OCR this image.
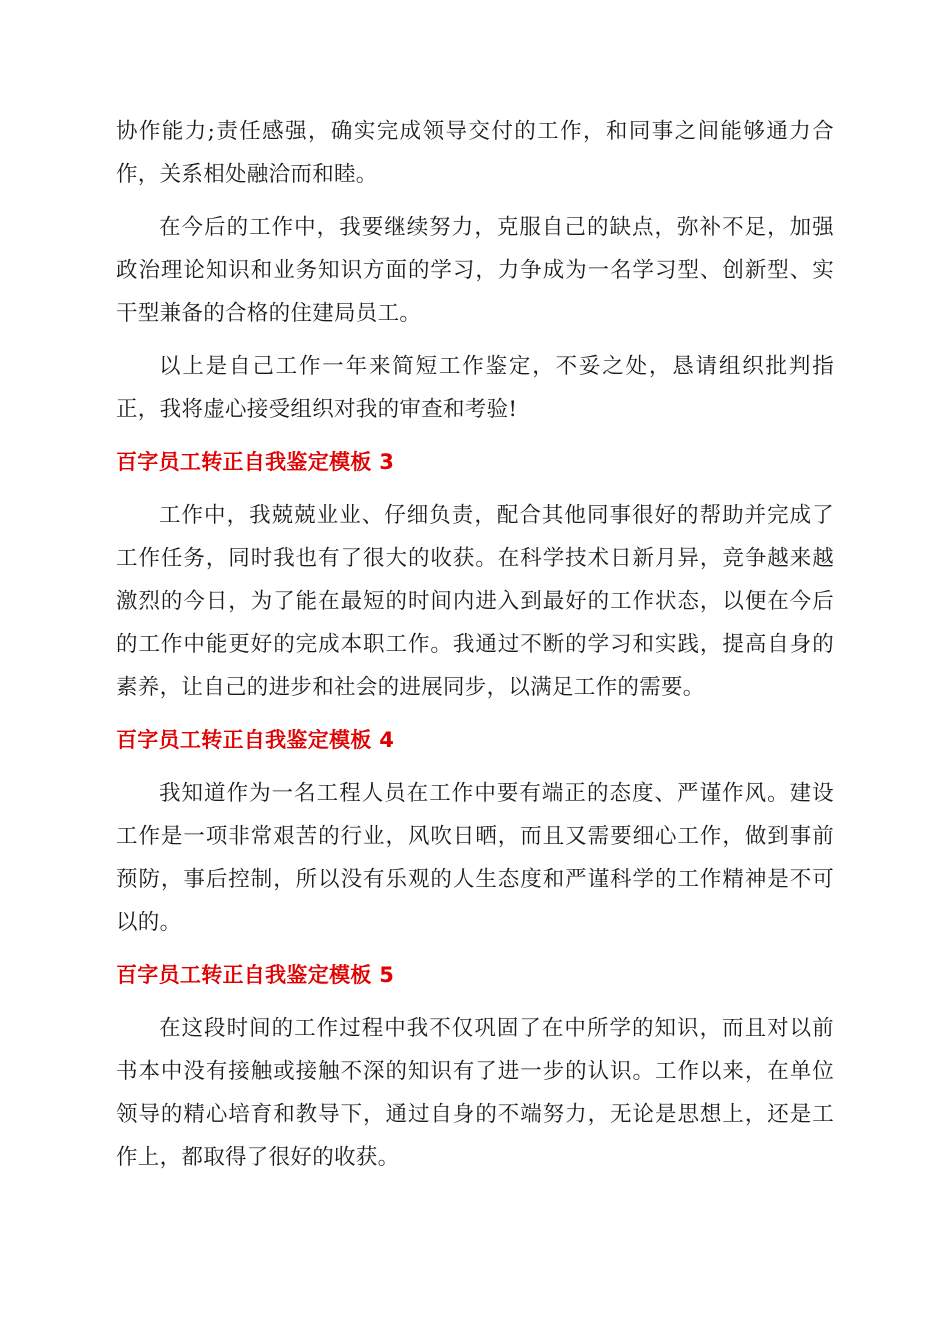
协作能力;责任感强，确实完成领导交付的工作，和同事之间能够通力合作，关系相处融洽而和睦。

在今后的工作中，我要继续努力，克服自己的缺点，弥补不足，加强政治理论知识和业务知识方面的学习，力争成为一名学习型、创新型、实干型兼备的合格的住建局员工。

以上是自己工作一年来简短工作鉴定，不妥之处，恳请组织批判指正，我将虚心接受组织对我的审查和考验!

百字员工转正自我鉴定模板 3

工作中，我兢兢业业、仔细负责，配合其他同事很好的帮助并完成了工作任务，同时我也有了很大的收获。在科学技术日新月异，竞争越来越激烈的今日，为了能在最短的时间内进入到最好的工作状态，以便在今后的工作中能更好的完成本职工作。我通过不断的学习和实践，提高自身的素养，让自己的进步和社会的进展同步，以满足工作的需要。

百字员工转正自我鉴定模板 4

我知道作为一名工程人员在工作中要有端正的态度、严谨作风。建设工作是一项非常艰苦的行业，风吹日晒，而且又需要细心工作，做到事前预防，事后控制，所以没有乐观的人生态度和严谨科学的工作精神是不可以的。

百字员工转正自我鉴定模板 5

在这段时间的工作过程中我不仅巩固了在中所学的知识，而且对以前书本中没有接触或接触不深的知识有了进一步的认识。工作以来，在单位领导的精心培育和教导下，通过自身的不端努力，无论是思想上，还是工作上，都取得了很好的收获。
